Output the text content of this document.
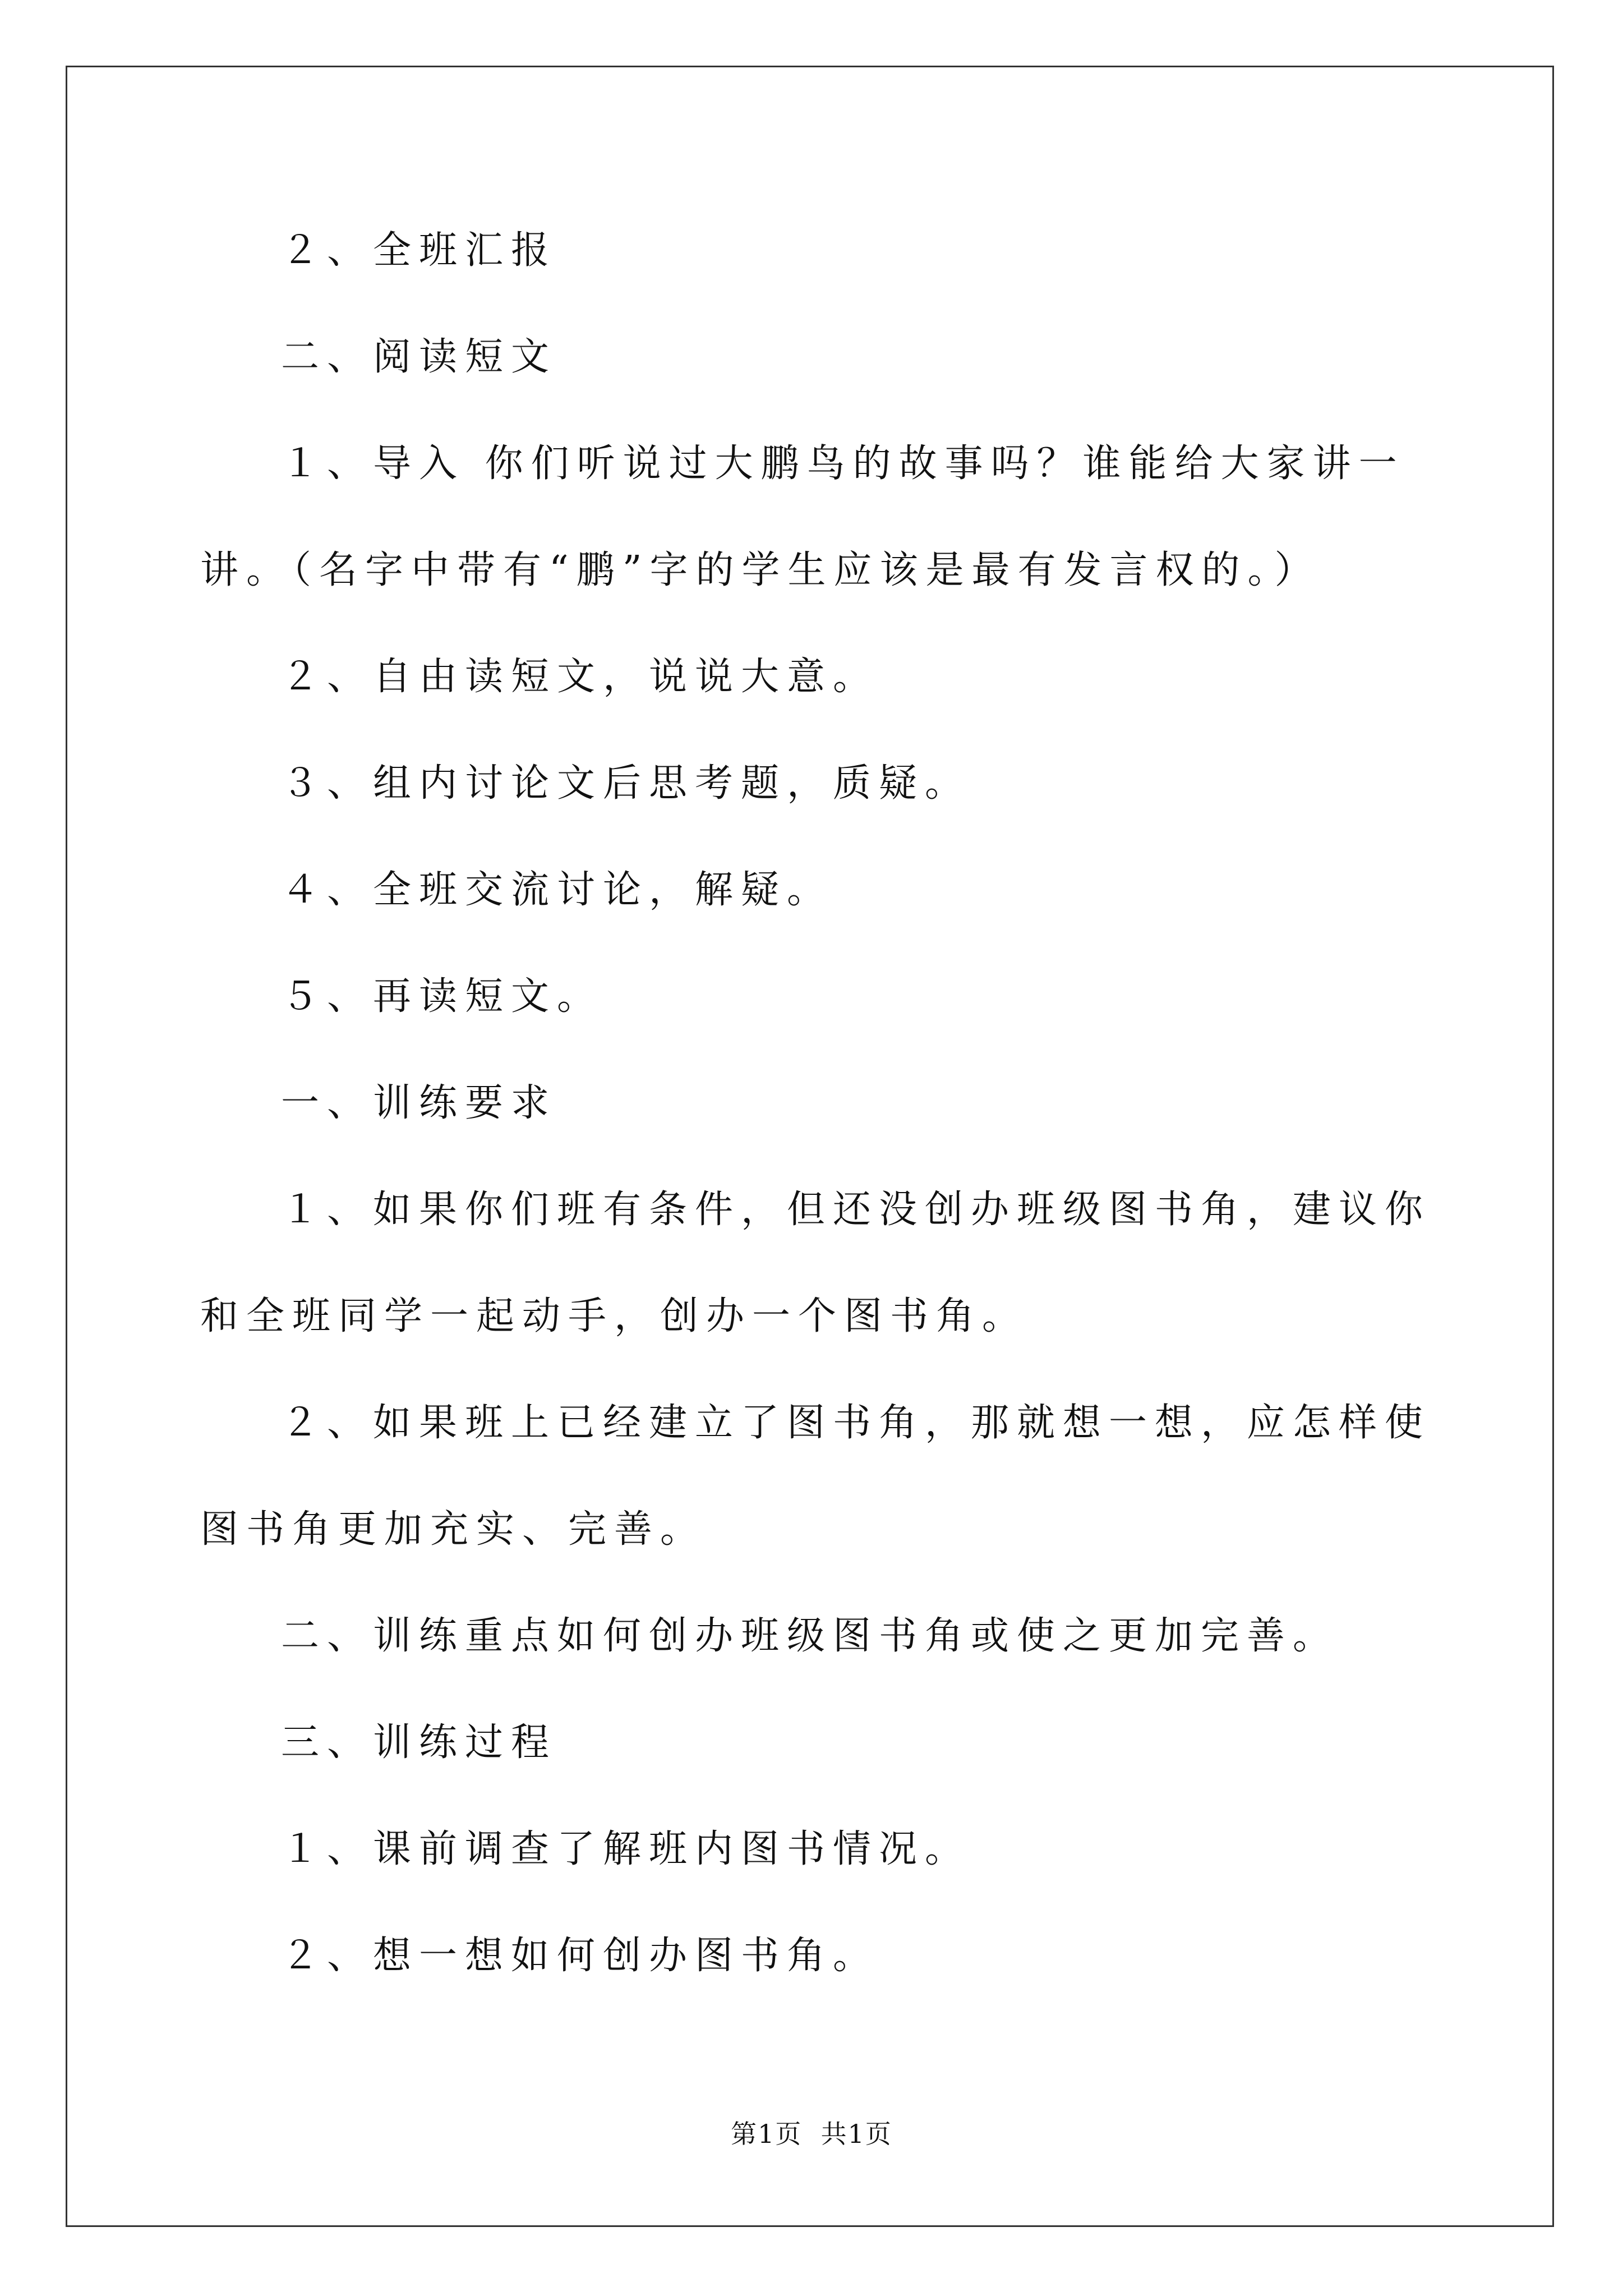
２、全班汇报

二、阅读短文

１、导入 你们听说过大鹏鸟的故事吗？谁能给大家讲一讲。（名字中带有“鹏”字的学生应该是最有发言权的。）

２、自由读短文，说说大意。

３、组内讨论文后思考题，质疑。

４、全班交流讨论，解疑。

５、再读短文。

一、训练要求

１、如果你们班有条件，但还没创办班级图书角，建议你和全班同学一起动手，创办一个图书角。

２、如果班上已经建立了图书角，那就想一想，应怎样使图书角更加充实、完善。

二、训练重点如何创办班级图书角或使之更加完善。

三、训练过程

１、课前调查了解班内图书情况。

２、想一想如何创办图书角。

第1页  共1页
